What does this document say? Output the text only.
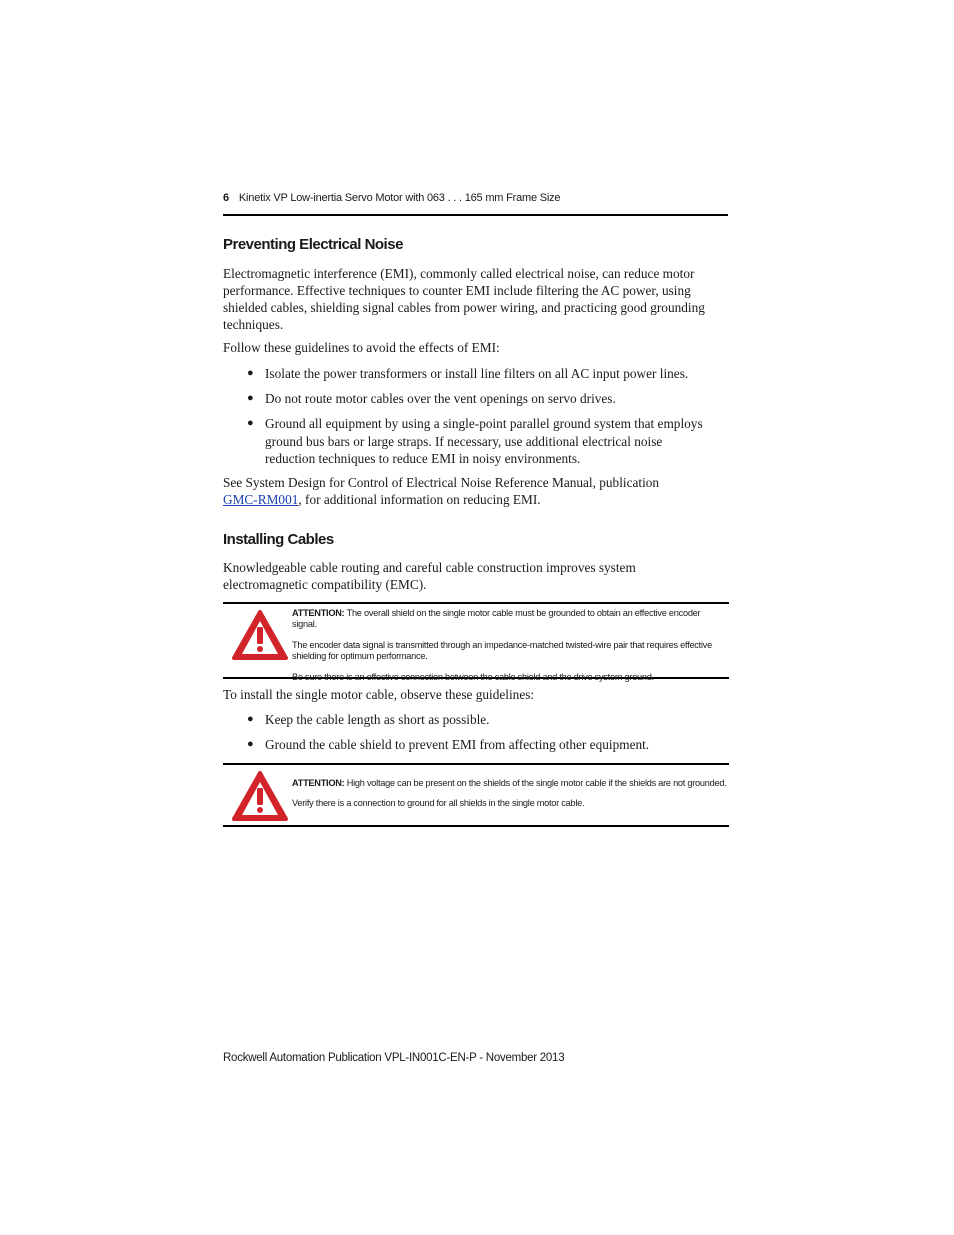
6 Kinetix VP Low-inertia Servo Motor with 063 . . . 165 mm Frame Size
Preventing Electrical Noise

Electromagnetic interference (EMI), commonly called electrical noise, can reduce motor performance. Effective techniques to counter EMI include filtering the AC power, using shielded cables, shielding signal cables from power wiring, and practicing good grounding techniques.

Follow these guidelines to avoid the effects of EMI:

● Isolate the power transformers or install line filters on all AC input power lines.
● Do not route motor cables over the vent openings on servo drives.
● Ground all equipment by using a single-point parallel ground system that employs ground bus bars or large straps. If necessary, use additional electrical noise reduction techniques to reduce EMI in noisy environments.

See System Design for Control of Electrical Noise Reference Manual, publication
GMC-RM001, for additional information on reducing EMI.

Installing Cables

Knowledgeable cable routing and careful cable construction improves system electromagnetic compatibility (EMC).

ATTENTION: The overall shield on the single motor cable must be grounded to obtain an effective encoder signal.

The encoder data signal is transmitted through an impedance-matched twisted-wire pair that requires effective shielding for optimum performance.

Be sure there is an effective connection between the cable shield and the drive system ground.

To install the single motor cable, observe these guidelines:

● Keep the cable length as short as possible.
● Ground the cable shield to prevent EMI from affecting other equipment.

ATTENTION: High voltage can be present on the shields of the single motor cable if the shields are not grounded.

Verify there is a connection to ground for all shields in the single motor cable.

Rockwell Automation Publication VPL-IN001C-EN-P - November 2013
